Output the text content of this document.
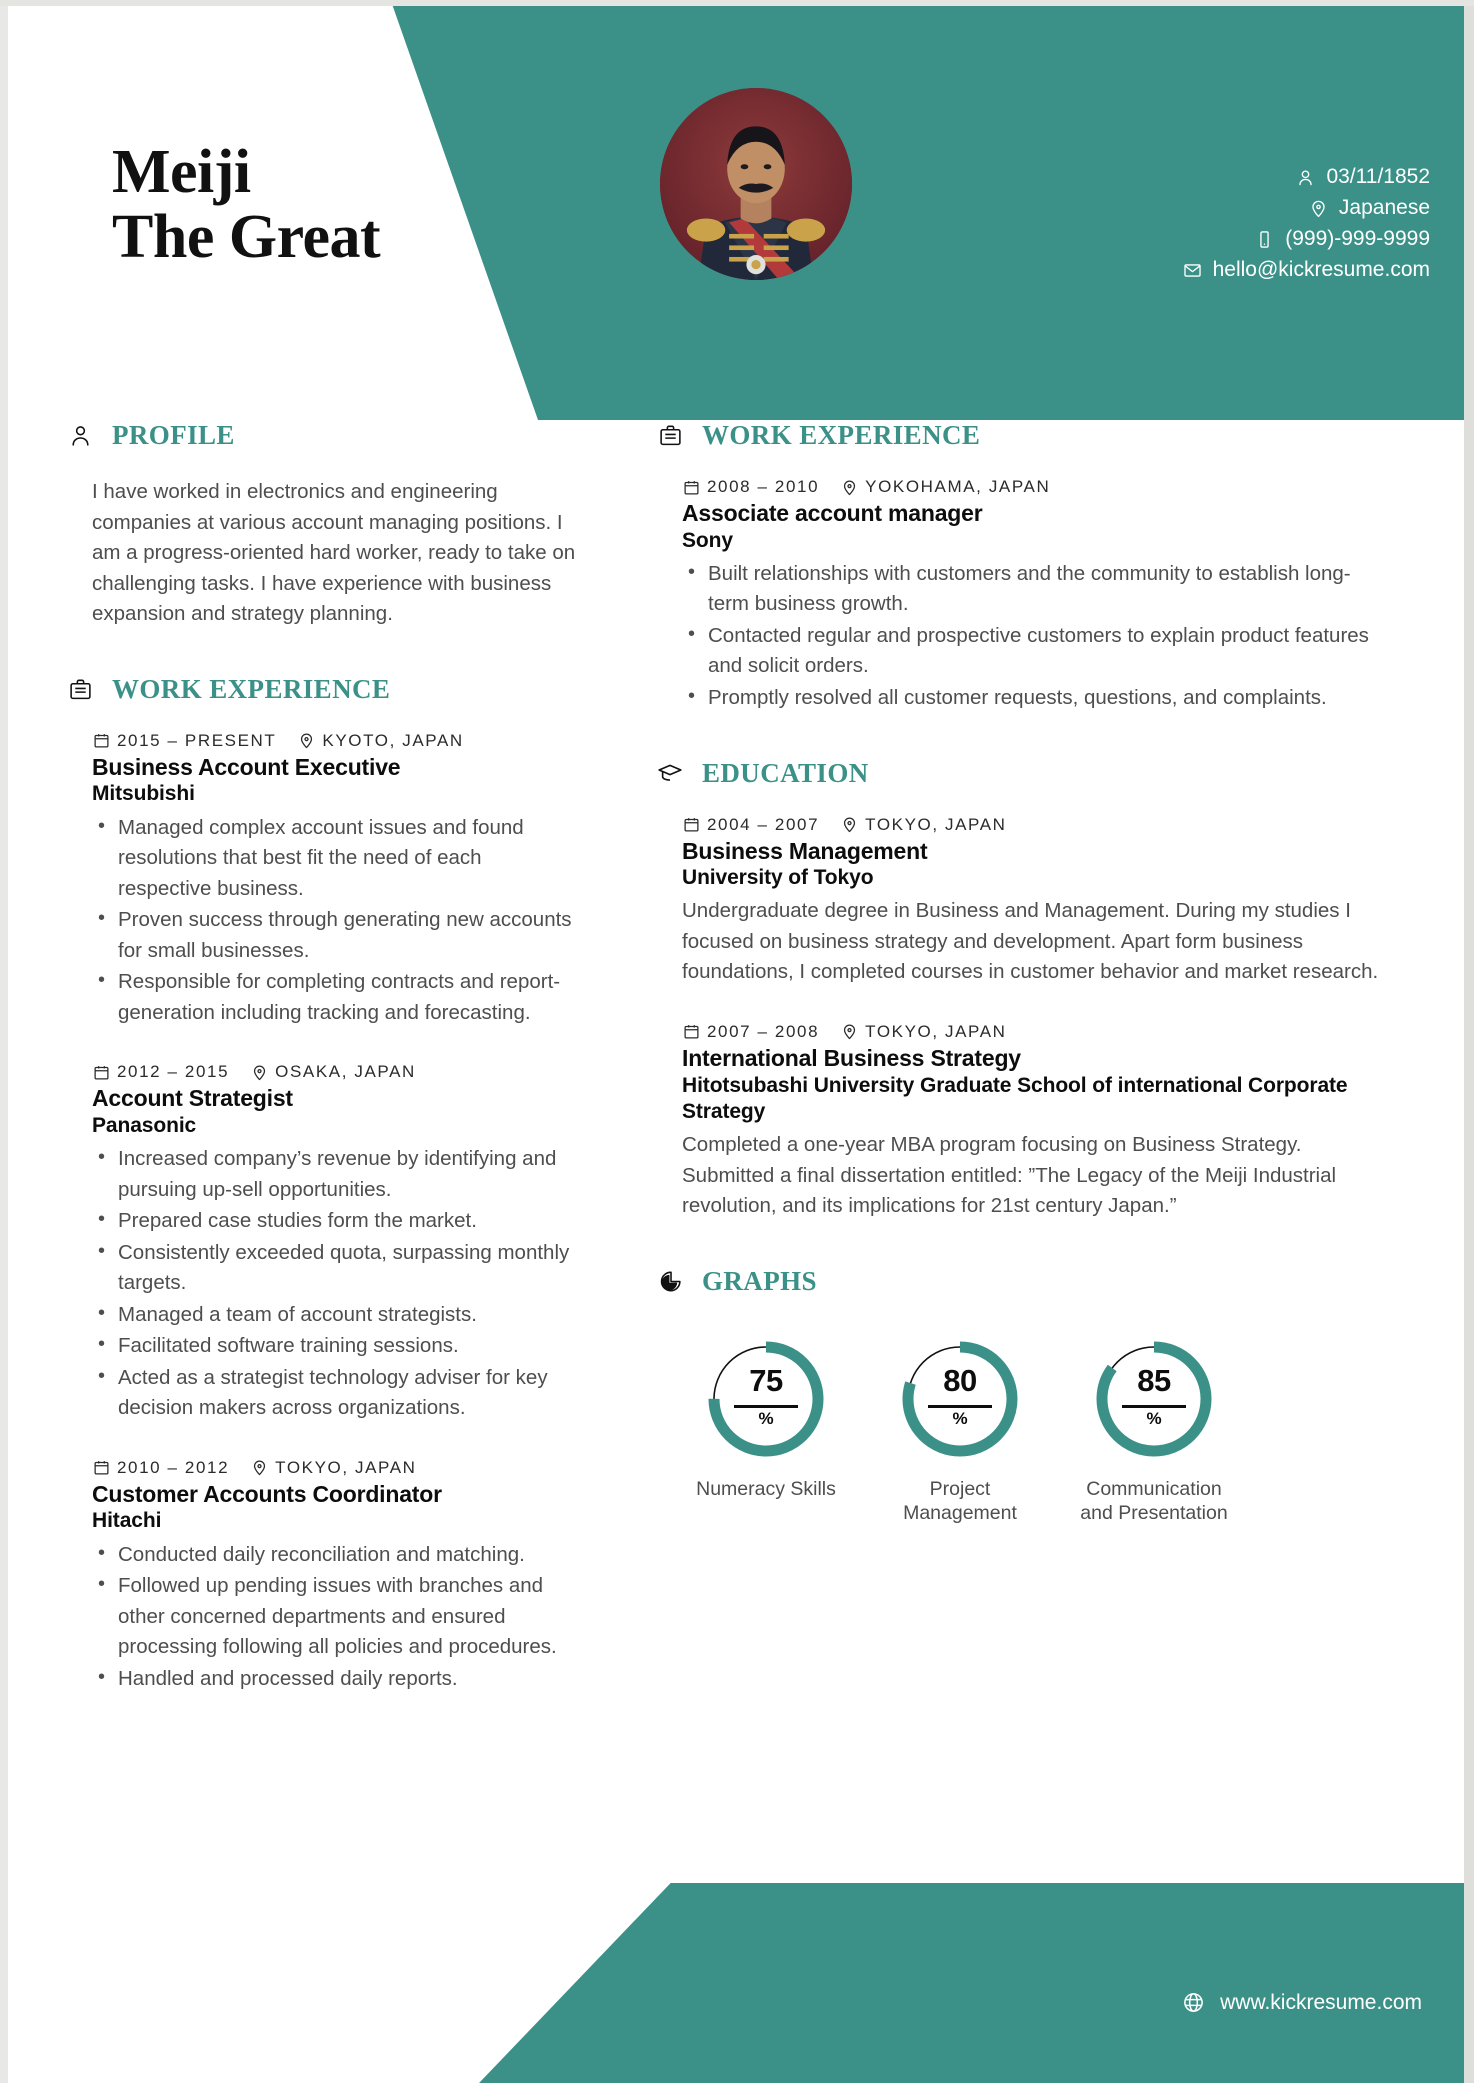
Meiji
The Great
03/11/1852
Japanese
(999)-999-9999
hello@kickresume.com
PROFILE

I have worked in electronics and engineering companies at various account managing positions. I am a progress-oriented hard worker, ready to take on challenging tasks. I have experience with business expansion and strategy planning.

WORK EXPERIENCE
2015 – PRESENT	KYOTO, JAPAN
Business Account Executive
Mitsubishi
• Managed complex account issues and found resolutions that best fit the need of each respective business.
• Proven success through generating new accounts for small businesses.
• Responsible for completing contracts and report-generation including tracking and forecasting.
2012 – 2015	OSAKA, JAPAN
Account Strategist
Panasonic
• Increased company’s revenue by identifying and pursuing up-sell opportunities.
• Prepared case studies form the market.
• Consistently exceeded quota, surpassing monthly targets.
• Managed a team of account strategists.
• Facilitated software training sessions.
• Acted as a strategist technology adviser for key decision makers across organizations.
2010 – 2012	TOKYO, JAPAN
Customer Accounts Coordinator
Hitachi
• Conducted daily reconciliation and matching.
• Followed up pending issues with branches and other concerned departments and ensured processing following all policies and procedures.
• Handled and processed daily reports.
WORK EXPERIENCE
2008 – 2010	YOKOHAMA, JAPAN
Associate account manager
Sony
• Built relationships with customers and the community to establish long-term business growth.
• Contacted regular and prospective customers to explain product features and solicit orders.
• Promptly resolved all customer requests, questions, and complaints.
EDUCATION
2004 – 2007	TOKYO, JAPAN
Business Management
University of Tokyo
Undergraduate degree in Business and Management. During my studies I focused on business strategy and development. Apart form business foundations, I completed courses in customer behavior and market research.
2007 – 2008	TOKYO, JAPAN
International Business Strategy
Hitotsubashi University Graduate School of international Corporate Strategy
Completed a one-year MBA program focusing on Business Strategy. Submitted a final dissertation entitled: ”The Legacy of the Meiji Industrial revolution, and its implications for 21st century Japan.”
GRAPHS
75
%
Numeracy Skills
80
%
Project Management
85
%
Communication and Presentation
www.kickresume.com
